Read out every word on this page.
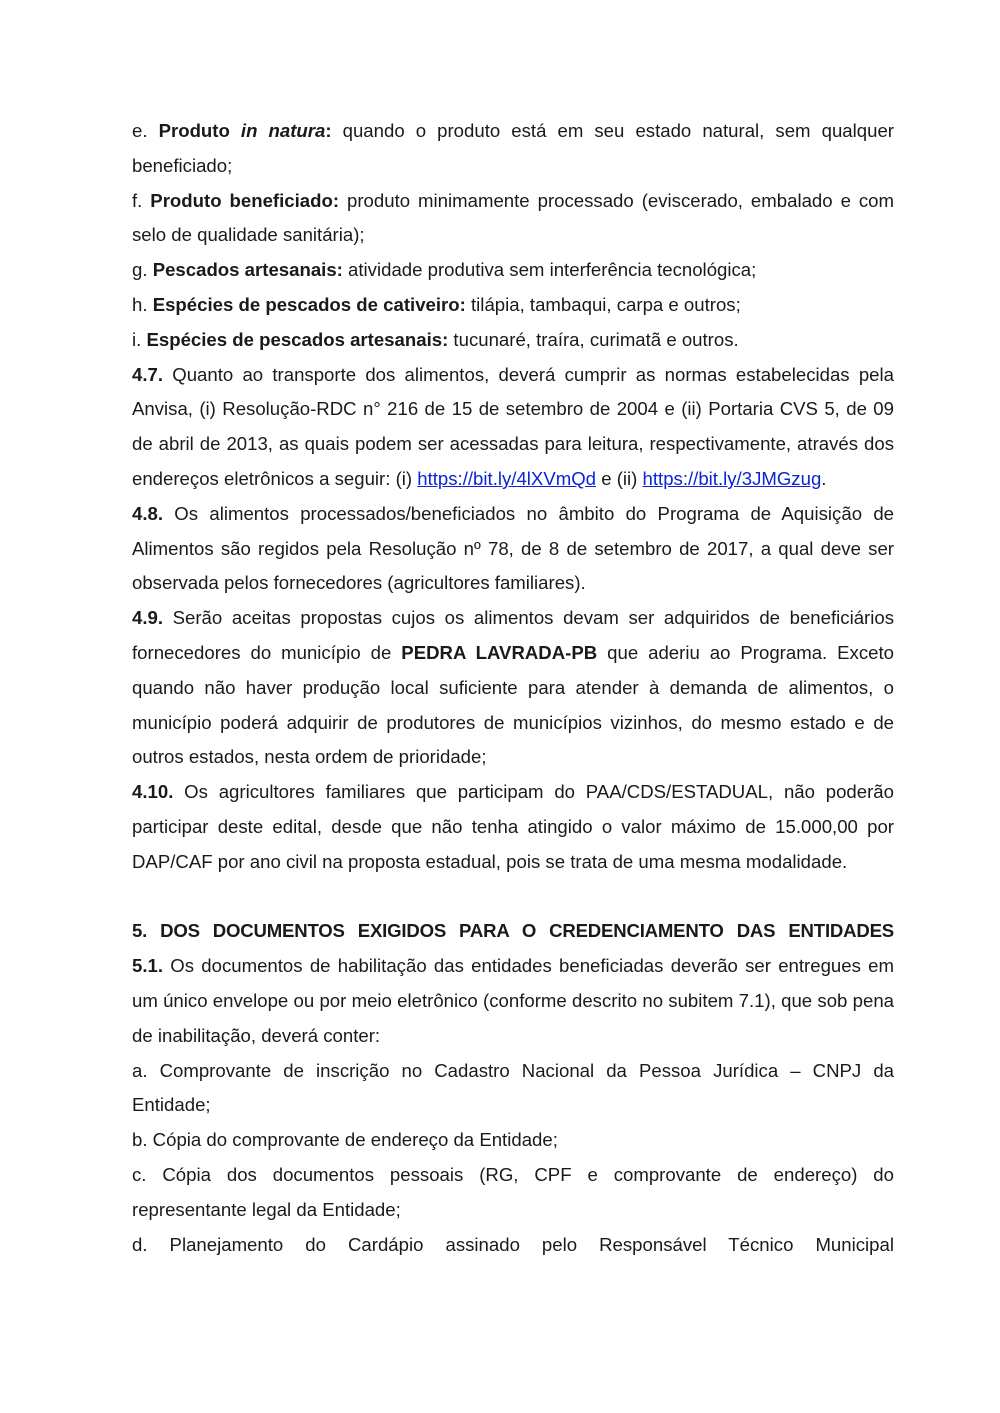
e. Produto in natura: quando o produto está em seu estado natural, sem qualquer beneficiado;

f. Produto beneficiado: produto minimamente processado (eviscerado, embalado e com selo de qualidade sanitária);

g. Pescados artesanais: atividade produtiva sem interferência tecnológica;

h. Espécies de pescados de cativeiro: tilápia, tambaqui, carpa e outros;

i. Espécies de pescados artesanais: tucunaré, traíra, curimatã e outros.

4.7. Quanto ao transporte dos alimentos, deverá cumprir as normas estabelecidas pela Anvisa, (i) Resolução-RDC n° 216 de 15 de setembro de 2004 e (ii) Portaria CVS 5, de 09 de abril de 2013, as quais podem ser acessadas para leitura, respectivamente, através dos endereços eletrônicos a seguir: (i) https://bit.ly/4lXVmQd e (ii) https://bit.ly/3JMGzug.

4.8. Os alimentos processados/beneficiados no âmbito do Programa de Aquisição de Alimentos são regidos pela Resolução nº 78, de 8 de setembro de 2017, a qual deve ser observada pelos fornecedores (agricultores familiares).

4.9. Serão aceitas propostas cujos os alimentos devam ser adquiridos de beneficiários fornecedores do município de PEDRA LAVRADA-PB que aderiu ao Programa. Exceto quando não haver produção local suficiente para atender à demanda de alimentos, o município poderá adquirir de produtores de municípios vizinhos, do mesmo estado e de outros estados, nesta ordem de prioridade;

4.10. Os agricultores familiares que participam do PAA/CDS/ESTADUAL, não poderão participar deste edital, desde que não tenha atingido o valor máximo de 15.000,00 por DAP/CAF por ano civil na proposta estadual, pois se trata de uma mesma modalidade.

5. DOS DOCUMENTOS EXIGIDOS PARA O CREDENCIAMENTO DAS ENTIDADES

5.1. Os documentos de habilitação das entidades beneficiadas deverão ser entregues em um único envelope ou por meio eletrônico (conforme descrito no subitem 7.1), que sob pena de inabilitação, deverá conter:

a. Comprovante de inscrição no Cadastro Nacional da Pessoa Jurídica – CNPJ da Entidade;

b. Cópia do comprovante de endereço da Entidade;

c. Cópia dos documentos pessoais (RG, CPF e comprovante de endereço) do representante legal da Entidade;

d. Planejamento do Cardápio assinado pelo Responsável Técnico Municipal
